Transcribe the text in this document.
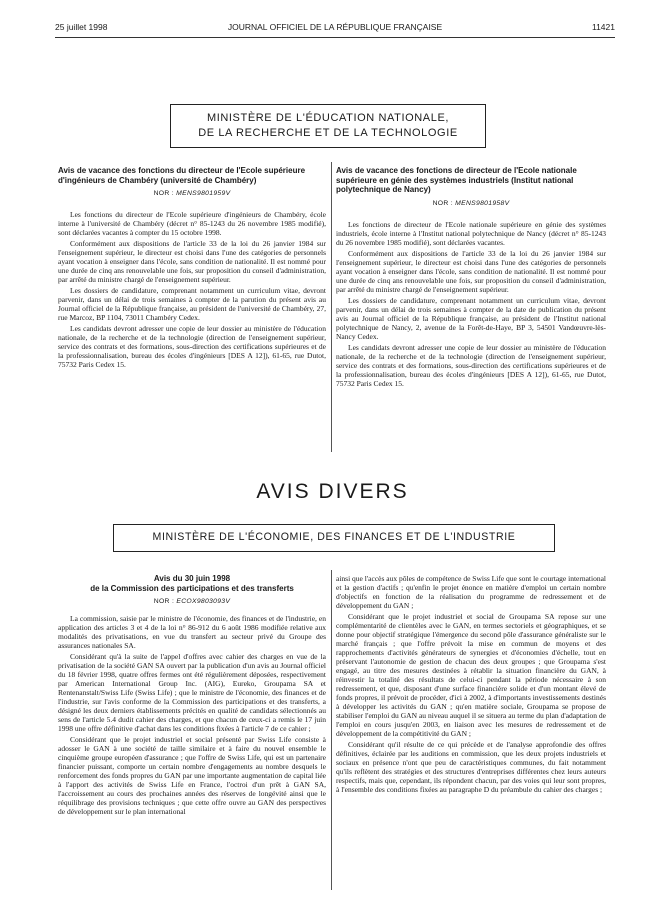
25 juillet 1998	JOURNAL OFFICIEL DE LA RÉPUBLIQUE FRANÇAISE	11421
MINISTÈRE DE L'ÉDUCATION NATIONALE,
DE LA RECHERCHE ET DE LA TECHNOLOGIE
Avis de vacance des fonctions du directeur de l'Ecole supérieure d'ingénieurs de Chambéry (université de Chambéry)
NOR : MENS9801959V

Les fonctions du directeur de l'Ecole supérieure d'ingénieurs de Chambéry, école interne à l'université de Chambéry (décret n° 85-1243 du 26 novembre 1985 modifié), sont déclarées vacantes à compter du 15 octobre 1998.

Conformément aux dispositions de l'article 33 de la loi du 26 janvier 1984 sur l'enseignement supérieur, le directeur est choisi dans l'une des catégories de personnels ayant vocation à enseigner dans l'école, sans condition de nationalité. Il est nommé pour une durée de cinq ans renouvelable une fois, sur proposition du conseil d'administration, par arrêté du ministre chargé de l'enseignement supérieur.

Les dossiers de candidature, comprenant notamment un curriculum vitae, devront parvenir, dans un délai de trois semaines à compter de la parution du présent avis au Journal officiel de la République française, au président de l'université de Chambéry, 27, rue Marcoz, BP 1104, 73011 Chambéry Cedex.

Les candidats devront adresser une copie de leur dossier au ministère de l'éducation nationale, de la recherche et de la technologie (direction de l'enseignement supérieur, service des contrats et des formations, sous-direction des certifications supérieures et de la professionnalisation, bureau des écoles d'ingénieurs [DES A 12]), 61-65, rue Dutot, 75732 Paris Cedex 15.

Avis de vacance des fonctions de directeur de l'Ecole nationale supérieure en génie des systèmes industriels (Institut national polytechnique de Nancy)
NOR : MENS9801958V

Les fonctions de directeur de l'Ecole nationale supérieure en génie des systèmes industriels, école interne à l'Institut national polytechnique de Nancy (décret n° 85-1243 du 26 novembre 1985 modifié), sont déclarées vacantes.

Conformément aux dispositions de l'article 33 de la loi du 26 janvier 1984 sur l'enseignement supérieur, le directeur est choisi dans l'une des catégories de personnels ayant vocation à enseigner dans l'école, sans condition de nationalité. Il est nommé pour une durée de cinq ans renouvelable une fois, sur proposition du conseil d'administration, par arrêté du ministre chargé de l'enseignement supérieur.

Les dossiers de candidature, comprenant notamment un curriculum vitae, devront parvenir, dans un délai de trois semaines à compter de la date de publication du présent avis au Journal officiel de la République française, au président de l'Institut national polytechnique de Nancy, 2, avenue de la Forêt-de-Haye, BP 3, 54501 Vandœuvre-lès-Nancy Cedex.

Les candidats devront adresser une copie de leur dossier au ministère de l'éducation nationale, de la recherche et de la technologie (direction de l'enseignement supérieur, service des contrats et des formations, sous-direction des certifications supérieures et de la professionnalisation, bureau des écoles d'ingénieurs [DES A 12]), 61-65, rue Dutot, 75732 Paris Cedex 15.

AVIS DIVERS
MINISTÈRE DE L'ÉCONOMIE, DES FINANCES ET DE L'INDUSTRIE
Avis du 30 juin 1998
de la Commission des participations et des transferts
NOR : ECOX9803093V

La commission, saisie par le ministre de l'économie, des finances et de l'industrie, en application des articles 3 et 4 de la loi n° 86-912 du 6 août 1986 modifiée relative aux modalités des privatisations, en vue du transfert au secteur privé du Groupe des assurances nationales SA.

Considérant qu'à la suite de l'appel d'offres avec cahier des charges en vue de la privatisation de la société GAN SA ouvert par la publication d'un avis au Journal officiel du 18 février 1998, quatre offres fermes ont été régulièrement déposées, respectivement par American International Group Inc. (AIG), Eureko, Groupama SA et Rentenanstalt/Swiss Life (Swiss Life) ; que le ministre de l'économie, des finances et de l'industrie, sur l'avis conforme de la Commission des participations et des transferts, a désigné les deux derniers établissements précités en qualité de candidats sélectionnés au sens de l'article 5.4 dudit cahier des charges, et que chacun de ceux-ci a remis le 17 juin 1998 une offre définitive d'achat dans les conditions fixées à l'article 7 de ce cahier ;

Considérant que le projet industriel et social présenté par Swiss Life consiste à adosser le GAN à une société de taille similaire et à faire du nouvel ensemble le cinquième groupe européen d'assurance ; que l'offre de Swiss Life, qui est un partenaire financier puissant, comporte un certain nombre d'engagements au nombre desquels le renforcement des fonds propres du GAN par une importante augmentation de capital liée à l'apport des activités de Swiss Life en France, l'octroi d'un prêt à GAN SA, l'accroissement au cours des prochaines années des réserves de longévité ainsi que le réquilibrage des provisions techniques ; que cette offre ouvre au GAN des perspectives de développement sur le plan international

ainsi que l'accès aux pôles de compétence de Swiss Life que sont le courtage international et la gestion d'actifs ; qu'enfin le projet énonce en matière d'emploi un certain nombre d'objectifs en fonction de la réalisation du programme de redressement et de développement du GAN ;

Considérant que le projet industriel et social de Groupama SA repose sur une complémentarité de clientèles avec le GAN, en termes sectoriels et géographiques, et se donne pour objectif stratégique l'émergence du second pôle d'assurance généraliste sur le marché français ; que l'offre prévoit la mise en commun de moyens et des rapprochements d'activités générateurs de synergies et d'économies d'échelle, tout en préservant l'autonomie de gestion de chacun des deux groupes ; que Groupama s'est engagé, au titre des mesures destinées à rétablir la situation financière du GAN, à réinvestir la totalité des résultats de celui-ci pendant la période nécessaire à son redressement, et que, disposant d'une surface financière solide et d'un montant élevé de fonds propres, il prévoit de procéder, d'ici à 2002, à d'importants investissements destinés à développer les activités du GAN ; qu'en matière sociale, Groupama se propose de stabiliser l'emploi du GAN au niveau auquel il se situera au terme du plan d'adaptation de l'emploi en cours jusqu'en 2003, en liaison avec les mesures de redressement et de développement de la compétitivité du GAN ;

Considérant qu'il résulte de ce qui précède et de l'analyse approfondie des offres définitives, éclairée par les auditions en commission, que les deux projets industriels et sociaux en présence n'ont que peu de caractéristiques communes, du fait notamment qu'ils reflètent des stratégies et des structures d'entreprises différentes chez leurs auteurs respectifs, mais que, cependant, ils répondent chacun, par des voies qui leur sont propres, à l'ensemble des conditions fixées au paragraphe D du préambule du cahier des charges ;
